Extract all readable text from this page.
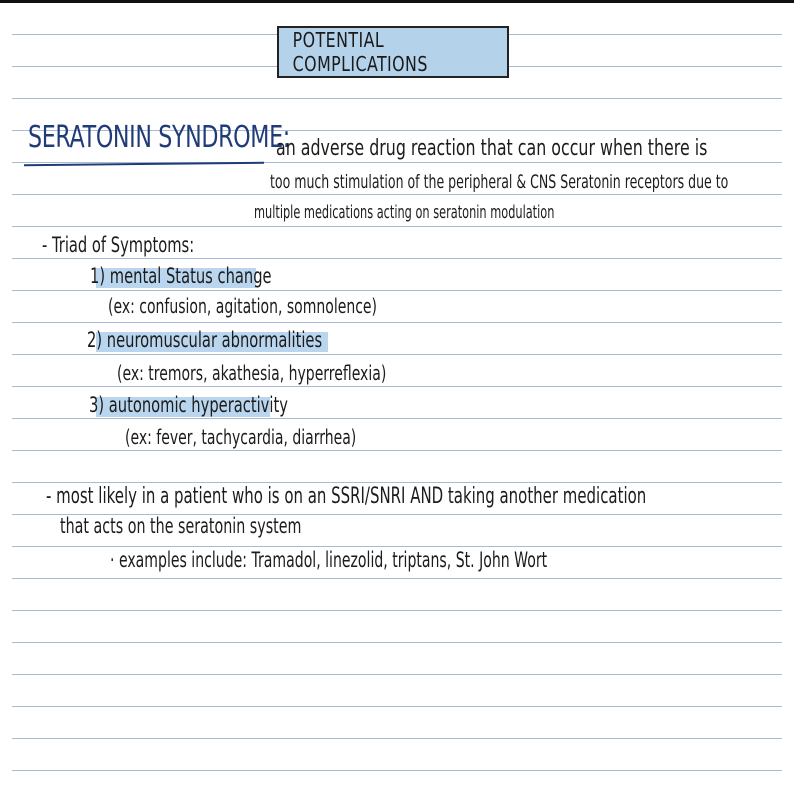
POTENTIAL COMPLICATIONS
SERATONIN SYNDROME:
an adverse drug reaction that can occur when there is
too much stimulation of the peripheral & CNS Seratonin receptors due to
multiple medications acting on seratonin modulation
- Triad of Symptoms:
1) mental Status change
(ex: confusion, agitation, somnolence)
2) neuromuscular abnormalities
(ex: tremors, akathesia, hyperreflexia)
3) autonomic hyperactivity
(ex: fever, tachycardia, diarrhea)
- most likely in a patient who is on an SSRI/SNRI AND taking another medication
that acts on the seratonin system
· examples include: Tramadol, linezolid, triptans, St. John Wort
